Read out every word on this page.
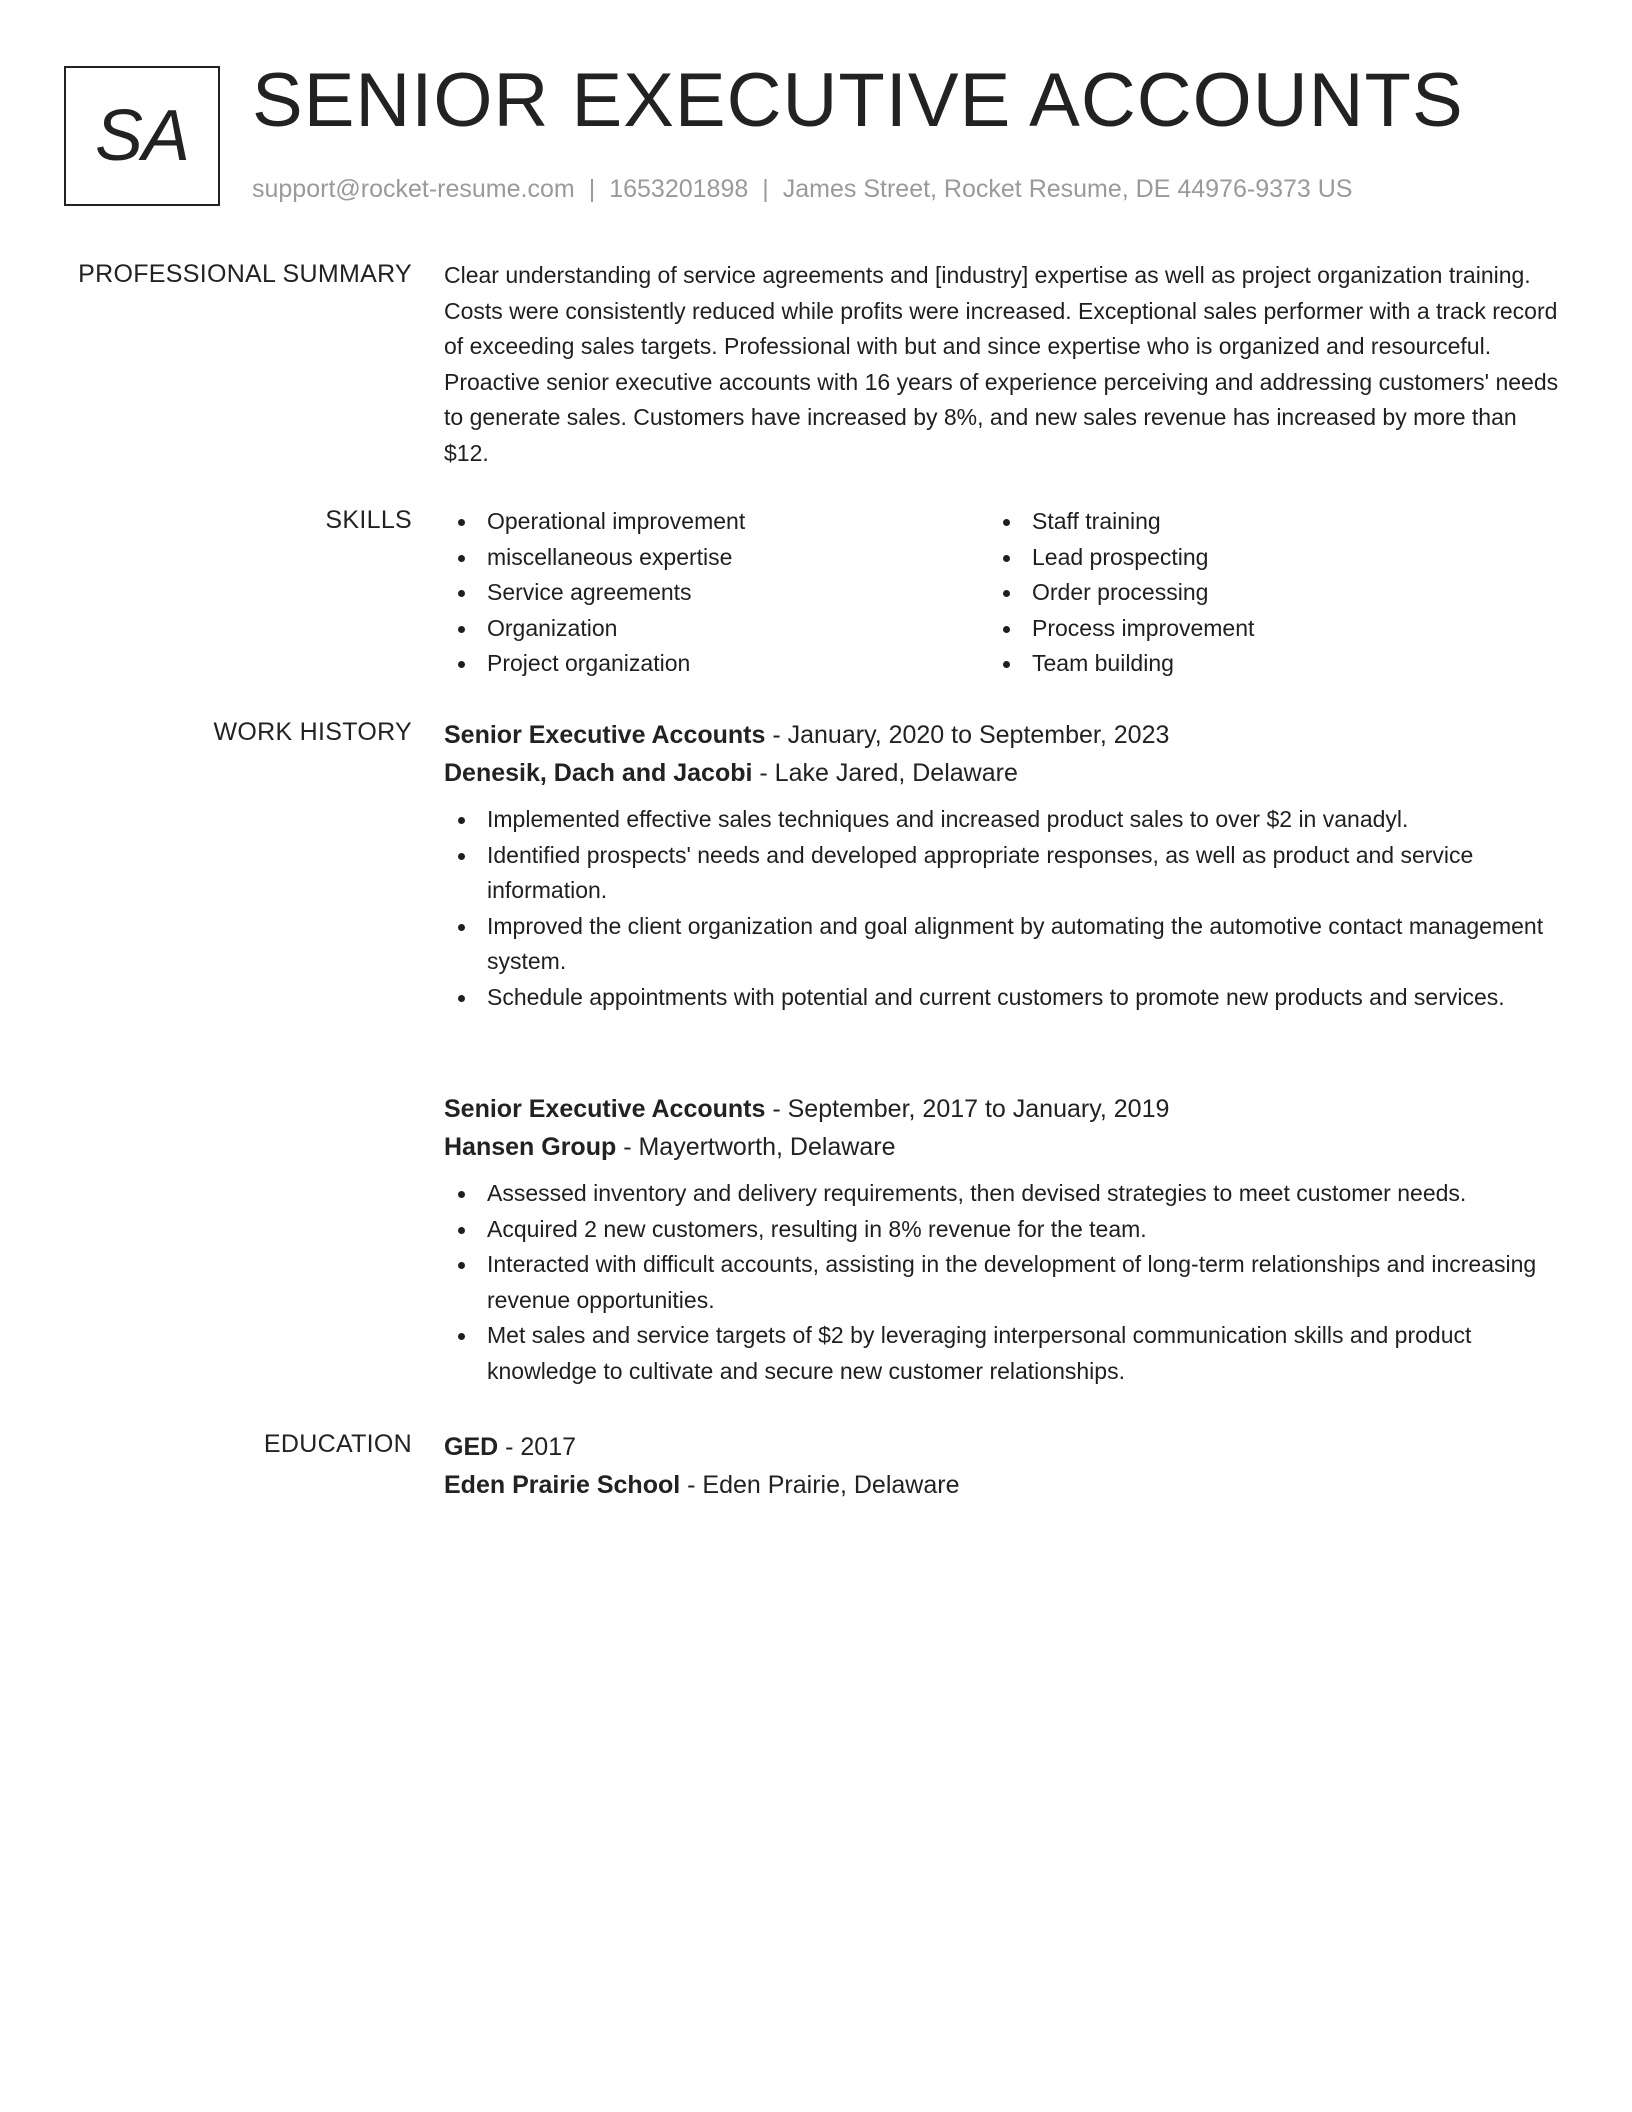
SA SENIOR EXECUTIVE ACCOUNTS
support@rocket-resume.com | 1653201898 | James Street, Rocket Resume, DE 44976-9373 US
PROFESSIONAL SUMMARY Clear understanding of service agreements and [industry] expertise as well as project organization training. Costs were consistently reduced while profits were increased. Exceptional sales performer with a track record of exceeding sales targets. Professional with but and since expertise who is organized and resourceful. Proactive senior executive accounts with 16 years of experience perceiving and addressing customers' needs to generate sales. Customers have increased by 8%, and new sales revenue has increased by more than $12.

SKILLS	Operational improvement
miscellaneous expertise
Service agreements
Organization
Project organization
Staff training
Lead prospecting
Order processing
Process improvement
Team building
WORK HISTORY Senior Executive Accounts - January, 2020 to September, 2023
Denesik, Dach and Jacobi - Lake Jared, Delaware
Implemented effective sales techniques and increased product sales to over $2 in vanadyl.
Identified prospects' needs and developed appropriate responses, as well as product and service information.
Improved the client organization and goal alignment by automating the automotive contact management system.
Schedule appointments with potential and current customers to promote new products and services.
Senior Executive Accounts - September, 2017 to January, 2019
Hansen Group - Mayertworth, Delaware
Assessed inventory and delivery requirements, then devised strategies to meet customer needs.
Acquired 2 new customers, resulting in 8% revenue for the team.
Interacted with difficult accounts, assisting in the development of long-term relationships and increasing revenue opportunities.
Met sales and service targets of $2 by leveraging interpersonal communication skills and product knowledge to cultivate and secure new customer relationships.
EDUCATION GED - 2017
Eden Prairie School - Eden Prairie, Delaware
